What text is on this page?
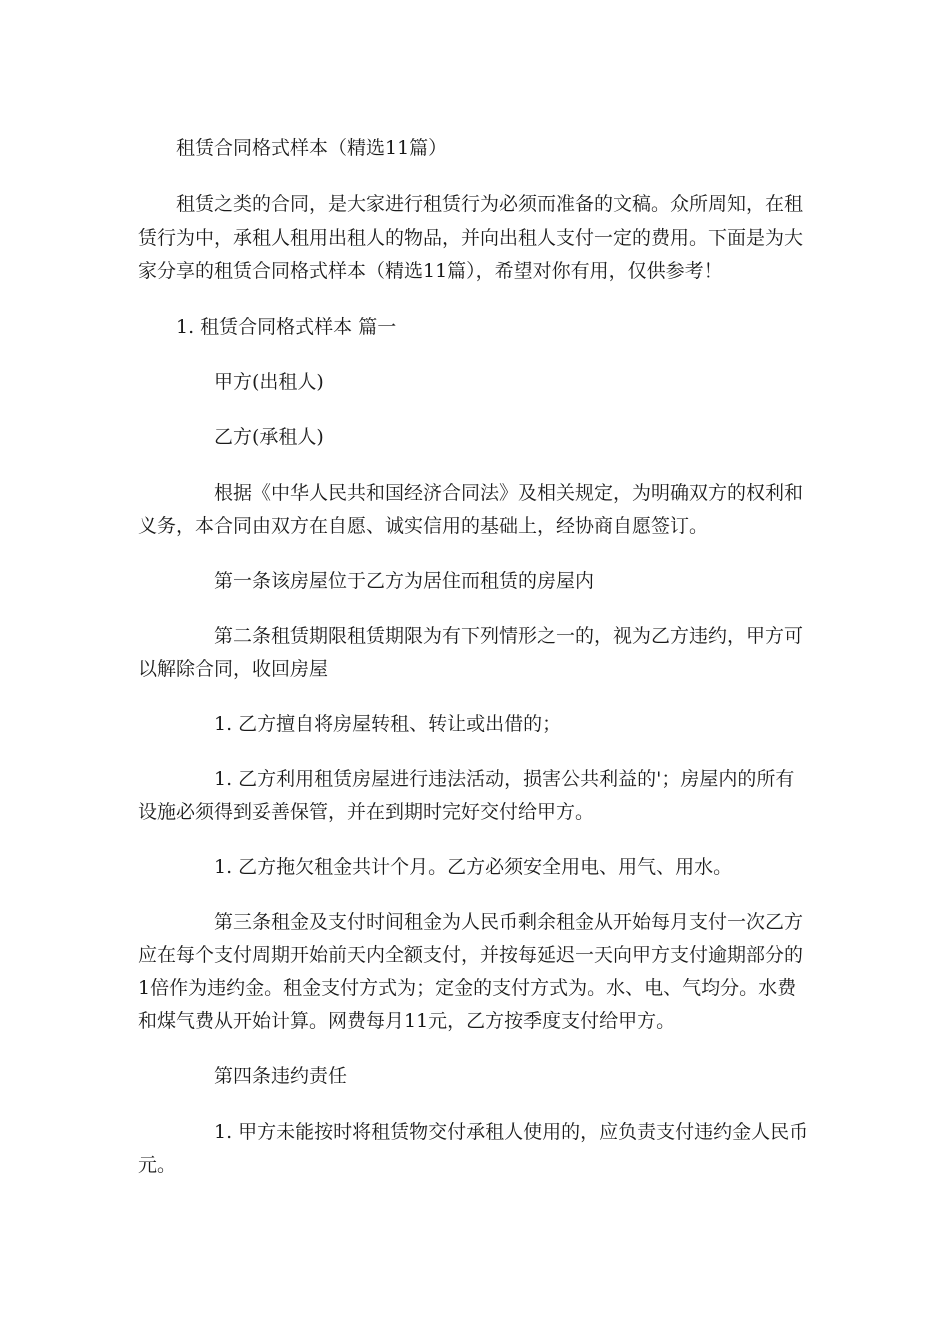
租赁合同格式样本（精选11篇）
租赁之类的合同，是大家进行租赁行为必须而准备的文稿。众所周知，在租
赁行为中，承租人租用出租人的物品，并向出租人支付一定的费用。下面是为大
家分享的租赁合同格式样本（精选11篇），希望对你有用，仅供参考！
1. 租赁合同格式样本 篇一
甲方(出租人)
乙方(承租人)
根据《中华人民共和国经济合同法》及相关规定，为明确双方的权利和
义务，本合同由双方在自愿、诚实信用的基础上，经协商自愿签订。
第一条该房屋位于乙方为居住而租赁的房屋内
第二条租赁期限租赁期限为有下列情形之一的，视为乙方违约，甲方可
以解除合同，收回房屋
1. 乙方擅自将房屋转租、转让或出借的；
1. 乙方利用租赁房屋进行违法活动，损害公共利益的'；房屋内的所有
设施必须得到妥善保管，并在到期时完好交付给甲方。
1. 乙方拖欠租金共计个月。乙方必须安全用电、用气、用水。
第三条租金及支付时间租金为人民币剩余租金从开始每月支付一次乙方
应在每个支付周期开始前天内全额支付，并按每延迟一天向甲方支付逾期部分的
1倍作为违约金。租金支付方式为；定金的支付方式为。水、电、气均分。水费
和煤气费从开始计算。网费每月11元，乙方按季度支付给甲方。
第四条违约责任
1. 甲方未能按时将租赁物交付承租人使用的，应负责支付违约金人民币
元。
